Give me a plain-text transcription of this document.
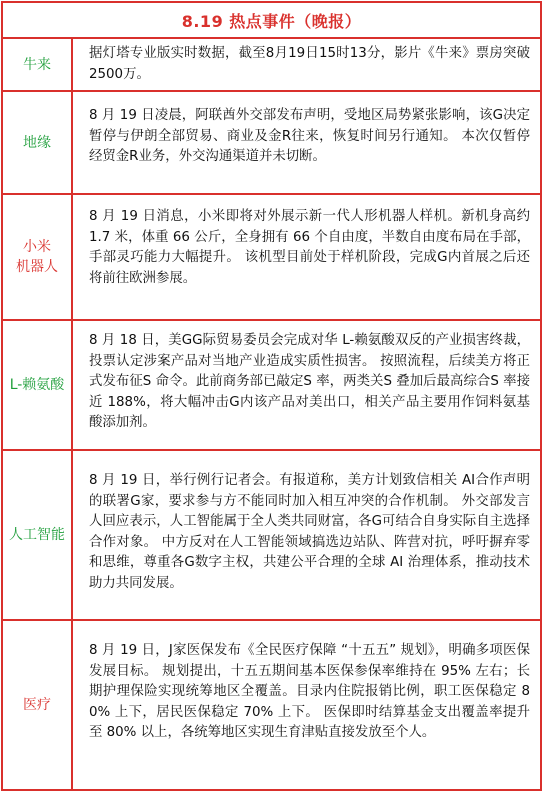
8.19 热点事件（晚报）
牛来
据灯塔专业版实时数据，截至8月19日15时13分，影片《牛来》票房突破2500万。
地缘
8 月 19 日凌晨，阿联酋外交部发布声明，受地区局势紧张影响，该G决定暂停与伊朗全部贸易、商业及金R往来，恢复时间另行通知。 本次仅暂停经贸金R业务，外交沟通渠道并未切断。
小米
机器人
8 月 19 日消息，小米即将对外展示新一代人形机器人样机。新机身高约 1.7 米，体重 66 公斤，全身拥有 66 个自由度，半数自由度布局在手部，手部灵巧能力大幅提升。 该机型目前处于样机阶段，完成G内首展之后还将前往欧洲参展。
L-赖氨酸
8 月 18 日，美GG际贸易委员会完成对华 L-赖氨酸双反的产业损害终裁，投票认定涉案产品对当地产业造成实质性损害。 按照流程，后续美方将正式发布征S 命令。此前商务部已敲定S 率，两类关S 叠加后最高综合S 率接近 188%，将大幅冲击G内该产品对美出口，相关产品主要用作饲料氨基酸添加剂。
人工智能
8 月 19 日，举行例行记者会。有报道称，美方计划致信相关 AI合作声明的联署G家，要求参与方不能同时加入相互冲突的合作机制。 外交部发言人回应表示，人工智能属于全人类共同财富，各G可结合自身实际自主选择合作对象。 中方反对在人工智能领域搞选边站队、阵营对抗，呼吁摒弃零和思维，尊重各G数字主权，共建公平合理的全球 AI 治理体系，推动技术助力共同发展。
医疗
8 月 19 日，J家医保发布《全民医疗保障 “十五五” 规划》，明确多项医保发展目标。 规划提出，十五五期间基本医保参保率维持在 95% 左右；长期护理保险实现统筹地区全覆盖。目录内住院报销比例，职工医保稳定 80% 上下，居民医保稳定 70% 上下。 医保即时结算基金支出覆盖率提升至 80% 以上，各统筹地区实现生育津贴直接发放至个人。
